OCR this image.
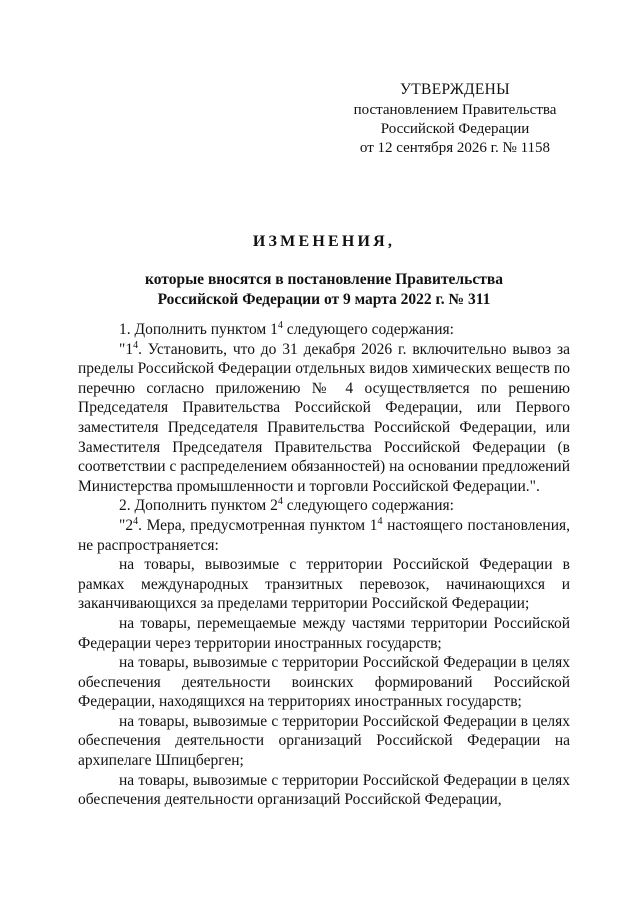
УТВЕРЖДЕНЫ
постановлением Правительства
Российской Федерации
от 12 сентября 2026 г. № 1158
ИЗМЕНЕНИЯ,
которые вносятся в постановление Правительства
Российской Федерации от 9 марта 2022 г. № 311

1. Дополнить пунктом $1^4$ следующего содержания:

"$1^4$. Установить, что до 31 декабря 2026 г. включительно вывоз за пределы Российской Федерации отдельных видов химических веществ по перечню согласно приложению № 4 осуществляется по решению Председателя Правительства Российской Федерации, или Первого заместителя Председателя Правительства Российской Федерации, или Заместителя Председателя Правительства Российской Федерации (в соответствии с распределением обязанностей) на основании предложений Министерства промышленности и торговли Российской Федерации.".

2. Дополнить пунктом $2^4$ следующего содержания:

"$2^4$. Мера, предусмотренная пунктом $1^4$ настоящего постановления, не распространяется:

на товары, вывозимые с территории Российской Федерации в рамках международных транзитных перевозок, начинающихся и заканчивающихся за пределами территории Российской Федерации;

на товары, перемещаемые между частями территории Российской Федерации через территории иностранных государств;

на товары, вывозимые с территории Российской Федерации в целях обеспечения деятельности воинских формирований Российской Федерации, находящихся на территориях иностранных государств;

на товары, вывозимые с территории Российской Федерации в целях обеспечения деятельности организаций Российской Федерации на архипелаге Шпицберген;

на товары, вывозимые с территории Российской Федерации в целях обеспечения деятельности организаций Российской Федерации,
